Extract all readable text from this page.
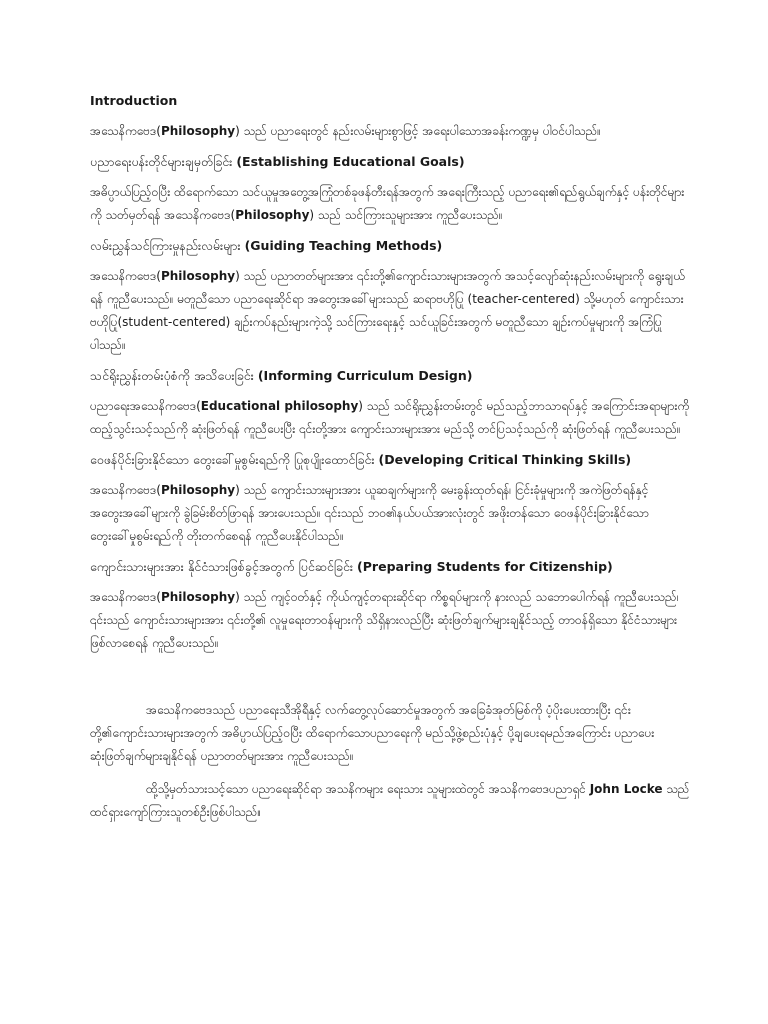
Introduction

အသေနိကဗေဒ(Philosophy) သည် ပညာရေးတွင် နည်းလမ်းများစွာဖြင့် အရေးပါသောအခန်းကဏ္ဍမှ ပါဝင်ပါသည်။

ပညာရေးပန်းတိုင်များချမှတ်ခြင်း (Establishing Educational Goals)

အဓိပ္ပာယ်ပြည့်ဝပြီး ထိရောက်သော သင်ယူမှုအတွေ့အကြုံတစ်ခုဖန်တီးရန်အတွက် အရေးကြီးသည့် ပညာရေး၏ရည်ရွယ်ချက်နှင့် ပန်းတိုင်များကို သတ်မှတ်ရန် အသေနိကဗေဒ(Philosophy) သည် သင်ကြားသူများအား ကူညီပေးသည်။

လမ်းညွှန်သင်ကြားမှုနည်းလမ်းများ (Guiding Teaching Methods)

အသေနိကဗေဒ(Philosophy) သည် ပညာတတ်များအား ၎င်းတို့၏ကျောင်းသားများအတွက် အသင့်လျော်ဆုံးနည်းလမ်းများကို ရွေးချယ်ရန် ကူညီပေးသည်။ မတူညီသော ပညာရေးဆိုင်ရာ အတွေးအခေါ်များသည် ဆရာဗဟိုပြု (teacher-centered) သို့မဟုတ် ကျောင်းသားဗဟိုပြု(student-centered) ချဉ်းကပ်နည်းများကဲ့သို့ သင်ကြားရေးနှင့် သင်ယူခြင်းအတွက် မတူညီသော ချဉ်းကပ်မှုများကို အကြံပြုပါသည်။

သင်ရိုးညွှန်းတမ်းပုံစံကို အသိပေးခြင်း (Informing Curriculum Design)

ပညာရေးအသေနိကဗေဒ(Educational philosophy) သည် သင်ရိုးညွှန်းတမ်းတွင် မည်သည့်ဘာသာရပ်နှင့် အကြောင်းအရာများကို ထည့်သွင်းသင့်သည်ကို ဆုံးဖြတ်ရန် ကူညီပေးပြီး ၎င်းတို့အား ကျောင်းသားများအား မည်သို့ တင်ပြသင့်သည်ကို ဆုံးဖြတ်ရန် ကူညီပေးသည်။

ဝေဖန်ပိုင်းခြားနိုင်သော တွေးခေါ်မှုစွမ်းရည်ကို ပြုစုပျိုးထောင်ခြင်း (Developing Critical Thinking Skills)

အသေနိကဗေဒ(Philosophy) သည် ကျောင်းသားများအား ယူဆချက်များကို မေးခွန်းထုတ်ရန်၊ ငြင်းခုံမှုများကို အကဲဖြတ်ရန်နှင့် အတွေးအခေါ်များကို ခွဲခြမ်းစိတ်ဖြာရန် အားပေးသည်။ ၎င်းသည် ဘဝ၏နယ်ပယ်အားလုံးတွင် အဖိုးတန်သော ဝေဖန်ပိုင်းခြားနိုင်သော တွေးခေါ်မှုစွမ်းရည်ကို တိုးတက်စေရန် ကူညီပေးနိုင်ပါသည်။

ကျောင်းသားများအား နိုင်ငံသားဖြစ်ခွင့်အတွက် ပြင်ဆင်ခြင်း (Preparing Students for Citizenship)

အသေနိကဗေဒ(Philosophy) သည် ကျင့်ဝတ်နှင့် ကိုယ်ကျင့်တရားဆိုင်ရာ ကိစ္စရပ်များကို နားလည် သဘောပေါက်ရန် ကူညီပေးသည်၊ ၎င်းသည် ကျောင်းသားများအား ၎င်းတို့၏ လူမှုရေးတာဝန်များကို သိရှိနားလည်ပြီး ဆုံးဖြတ်ချက်များချနိုင်သည့် တာဝန်ရှိသော နိုင်ငံသားများဖြစ်လာစေရန် ကူညီပေးသည်။

အသေနိကဗေဒသည် ပညာရေးသီအိုရီနှင့် လက်တွေ့လုပ်ဆောင်မှုအတွက် အခြေခံအုတ်မြစ်ကို ပံ့ပိုးပေးထားပြီး ၎င်းတို့၏ကျောင်းသားများအတွက် အဓိပ္ပာယ်ပြည့်ဝပြီး ထိရောက်သောပညာရေးကို မည်သို့ဖွဲ့စည်းပုံနှင့် ပို့ချပေးရမည်အကြောင်း ပညာပေးဆုံးဖြတ်ချက်များချနိုင်ရန် ပညာတတ်များအား ကူညီပေးသည်။

ထို့သို့မှတ်သားသင့်သော ပညာရေးဆိုင်ရာ အသနိကများ ရေးသား သူများထဲတွင် အသနိကဗေဒပညာရှင် John Locke သည် ထင်ရှားကျော်ကြားသူတစ်ဦးဖြစ်ပါသည်။
